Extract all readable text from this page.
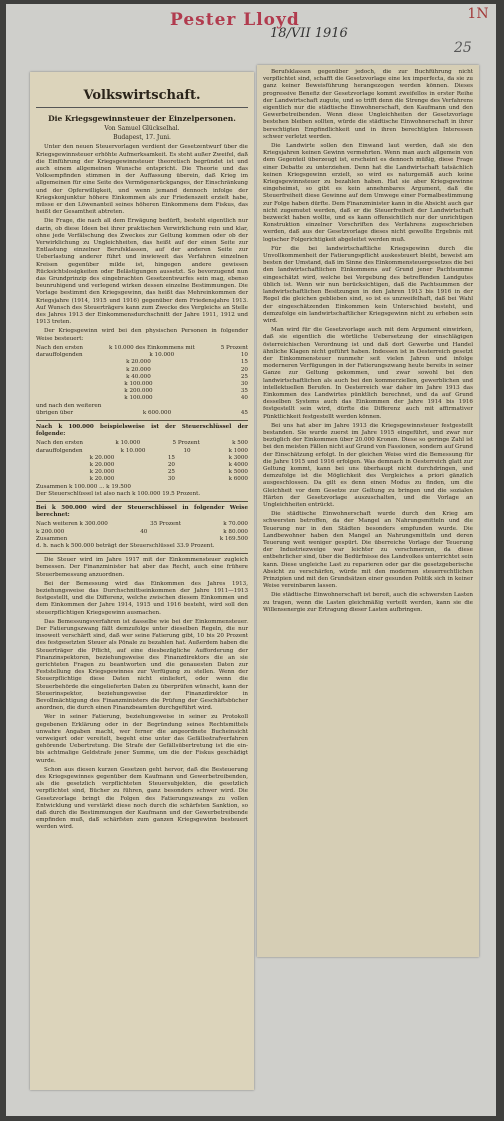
Pester Lloyd
18/VII 1916
25
1N
Volkswirtschaft.
Die Kriegsgewinnsteuer der Einzelpersonen.
Von Samuel Glückselhal.
Budapest, 17. Juni.

Unter den neuen Steuervorlagen verdient der Gesetzentwurf über die Kriegsgewinnsteuer erhöhte Aufmerksamkeit. Es steht außer Zweifel, daß die Einführung der Kriegsgewinnsteuer theoretisch begründet ist und auch einem allgemeinen Wunsche entspricht. Die Theorie und das Volksempfinden stimmen in der Auffassung überein, daß Krieg im allgemeinen für eine Seite des Vermögensrückganges, der Einschränkung und der Opferwilligkeit, und wenn jemand dennoch infolge der Kriegskonjunktur höhere Einkommen als zur Friedenszeit erzielt habe, müsse er den Löwenanteil seines höheren Einkommens dem Fiskus, das heißt der Gesamtheit abtreten.

Die Frage, die nach all dem Erwägung bedürft, besteht eigentlich nur darin, ob diese Ideen bei ihrer praktischen Verwirklichung rein und klar, ohne jede Verfälschung des Zweckes zur Geltung kommen oder ob der Verwirklichung zu Ungleichheiten, das heißt auf der einen Seite zur Entlastung einzelner Berufsklassen, auf der anderen Seite zur Ueberlastung anderer führt und inwieweit das Verfahren einzelnen Kreisen gegenüber milde ist, hingegen andere gewissen Rücksichtslosigkeiten oder Belästigungen aussetzt. So bevorzugend nun das Grundprinzip des eingebrachten Gesetzentwurfes sein mag, ebenso beunruhigend und verlegend wirken dessen einzelne Bestimmungen. Die Vorlage bestimmt den Kriegsgewinn, das heißt das Mehreinkommen der Kriegsjahre (1914, 1915 und 1916) gegenüber dem Friedensjahre 1913. Auf Wunsch des Steuerträgers kann zum Zwecke des Vergleichs an Stelle des Jahres 1913 der Einkommensdurchschnitt der Jahre 1911, 1912 und 1913 treten.

Der Kriegsgewinn wird bei den physischen Personen in folgender Weise besteuert:

Nach den ersten	k 10.000 des Einkommens mit	5 Prozent
darauffolgenden	k 10.000	10
k 20.000	15
k 20.000	20
k 40.000	25
k 100.000	30
k 200.000	35
k 100.000	40
und nach den weiteren
übrigen über	k 600.000	45
Nach k 100.000 beispielsweise ist der Steuerschlüssel der folgende:
Nach den ersten	k 10.000	5 Prozent	k 500
darauffolgenden	k 10.000	10	k 1000
k 20.000	15	k 3000
k 20.000	20	k 4000
k 20.000	25	k 5000
k 20.000	30	k 6000
Zusammen k 100.000 ... k 19.500
Der Steuerschlüssel ist also nach k 100.000 19.5 Prozent.
Bei k 500.000 wird der Steuerschlüssel in folgender Weise berechnet:
Nach weiteren k 300.000	35 Prozent	k 70.000
k 200.000	40	k 80.000
Zusammen	k 169.500
d. h. nach k 500.000 beträgt der Steuerschlüssel 33.9 Prozent.

Die Steuer wird im Jahre 1917 mit der Einkommensteuer zugleich bemessen. Der Finanzminister hat aber das Recht, auch eine frühere Steuerbemessung anzuordnen.

Bei der Bemessung wird das Einkommen des Jahres 1913, beziehungsweise das Durchschnittseinkommen der Jahre 1911—1913 festgestellt, und die Differenz, welche zwischen diesem Einkommen und dem Einkommen der Jahre 1914, 1915 und 1916 besteht, wird soll den steuerpflichtigen Kriegsgewinn ausmachen.

Das Bemessungsverfahren ist dasselbe wie bei der Einkommensteuer. Der Fatierungszwang fällt demzufolge unter dieselben Regeln, die nur insoweit verschärft sind, daß wer seine Fatierung gibt, 10 bis 20 Prozent des festgesetzten Steuer als Pönale zu bezahlen hat. Außerdem haben die Steuerträger die Pflicht, auf eine diesbezügliche Aufforderung der Finanzinspektoren, beziehungsweise des Finanzdirektors die an sie gerichteten Fragen zu beantworten und die genauesten Daten zur Feststellung des Kriegsgewinnes zur Verfügung zu stellen. Wenn der Steuerpflichtige diese Daten nicht einliefert, oder wenn die Steuerbehörde die eingelieferten Daten zu überprüfen wünscht, kann der Steuerinspektor, beziehungsweise der Finanzdirektor in Bevollmächtigung des Finanzministers die Prüfung der Geschäftsbücher anordnen, die durch einen Finanzbeamten durchgeführt wird.

Wer in seiner Fatierung, beziehungsweise in seiner zu Protokoll gegebenen Erklärung oder in der Begründung seines Rechtsmittels unwahre Angaben macht, wer ferner die angeordnete Bucheinsicht verweigert oder vereitelt, begeht eine unter das Gefällsstrafverfahren gehörende Uebertretung. Die Strafe der Gefällsübertretung ist die ein- bis achtmalige Geldstrafe jener Summe, um die der Fiskus geschädigt wurde.

Schon aus diesen kurzen Gesetzen geht hervor, daß die Besteuerung des Kriegsgewinnes gegenüber dem Kaufmann und Gewerbetreibenden, als die gesetzlich verpflichteten Steuersubjekten, die gesetzlich verpflichtet sind, Bücher zu führen, ganz besonders schwer wird. Die Gesetzvorlage bringt die Folgen des Fatierungszwangs zu vollen Entwicklung und verstärkt diese noch durch die schärfsten Sanktion, so daß durch die Bestimmungen der Kaufmann und der Gewerbetreibende empfinden muß, daß schärfsten zum ganzen Kriegsgewinn besteuert werden wird.

Berufsklassen gegenüber jedoch, die zur Buchführung nicht verpflichtet sind, schafft die Gesetzvorlage eine lex imperfecta, da sie zu ganz keiner Beweisführung herangezogen werden können. Dieses progressive Benefiz der Gesetzvorlage kommt zweifellos in erster Reihe der Landwirtschaft zugute, und so trifft denn die Strenge des Verfahrens eigentlich nur die städtische Einwohnerschaft, den Kaufmann und den Gewerbetreibenden. Wenn diese Ungleichheiten der Gesetzvorlage bestehen bleiben sollten, würde die städtische Einwohnerschaft in ihrer berechtigten Empfindlichkeit und in ihren berechtigten Interessen schwer verletzt werden.

Die Landwirte sollen den Einwand laut werden, daß sie den Kriegsjahren keinen Gewinn vermehrten. Wenn man auch allgemein von dem Gegenteil überzeugt ist, erscheint es dennoch müßig, diese Frage einer Debatte zu unterziehen. Denn hat die Landwirtschaft tatsächlich keinen Kriegsgewinn erzielt, so wird es naturgemäß auch keine Kriegsgewinnsteuer zu bezahlen haben. Hat sie aber Kriegsgewinne eingeheimst, so gibt es kein annehmbares Argument, daß die Steuerfreiheit diese Gewinne auf dem Umwege einer Formalbestimmung zur Folge haben dürfte. Dem Finanzminister kann in die Absicht auch gar nicht zugemutet werden, daß er die Steuerfreiheit der Landwirtschaft bezweckt haben wollte, und es kann offensichtlich nur der unrichtigen Konstruktion einzelner Vorschriften des Verfahrens zugeschrieben werden, daß aus der Gesetzvorlage dieses nicht gewollte Ergebnis mit logischer Folgerichtigkeit abgeleitet werden muß.

Für die bei landwirtschaftliche Kriegsgewinn durch die Unvollkommenheit der Fatierungspflicht auskesteuert bleibt, beweist am besten der Umstand, daß im Sinne des Einkommensteuergesetzes die bei den landwirtschaftlichen Einkommens auf Grund jener Pachtsumme eingeschätzt wird, welche bei Vergebung des betreffenden Landgutes üblich ist. Wenn wir nun berücksichtigen, daß die Pachtsummen der landwirtschaftlichen Besitzungen in den Jahren 1913 bis 1916 in der Regel die gleichen geblieben sind, so ist es unzweifelhaft, daß bei Wahl der eingeschätzenden Einkommen kein Unterschied besteht, und demzufolge ein landwirtschaftlicher Kriegsgewinn nicht zu erheben sein wird.

Man wird für die Gesetzvorlage auch mit dem Argument einwirken, daß sie eigentlich die wörtliche Uebersetzung der einschlägigen österreichischen Verordnung ist und daß dort Gewerbe und Handel ähnliche Klagen nicht geführt haben. Indessen ist in Oesterreich gesetzt der Einkommensteuer nunmehr seit vielen Jahren und infolge moderneren Verfügungen in der Fatierungszwang heute bereits in seiner Ganze zur Geltung gekommen, und zwar sowohl bei den landwirtschaftlichen als auch bei den kommerziellen, gewerblichen und intellektuellen Berufen. In Oesterreich war daher im Jahre 1913 das Einkommen des Landwirtes pünktlich berechnet, und da auf Grund desselben Systems auch das Einkommen der Jahre 1914 bis 1916 festgestellt sein wird, dürfte die Differenz auch mit affirmativer Pünktlichkeit festgestellt werden können.

Bei uns hat aber im Jahre 1913 die Kriegsgewinnsteuer festgestellt bestanden. Sie wurde zuerst im Jahre 1915 eingeführt, und zwar nur bezüglich der Einkommen über 20.000 Kronen. Diese so geringe Zahl ist bei den meisten Fällen nicht auf Grund von Fassionen, sondern auf Grund der Einschätzung erfolgt. In der gleichen Weise wird die Bemessung für die Jahre 1915 und 1916 erfolgen. Was demnach in Oesterreich glatt zur Geltung kommt, kann bei uns überhaupt nicht durchdringen, und demzufolge ist die Möglichkeit des Vergleiches a priori gänzlich ausgeschlossen. Da gilt es denn einen Modus zu finden, um die Gleichheit vor dem Gesetze zur Geltung zu bringen und die sozialen Härten der Gesetzvorlage auszuschalten, und die Vorlage an Ungleichheiten entrückt.

Die städtische Einwohnerschaft wurde durch den Krieg am schwersten betroffen, da der Mangel an Nahrungsmitteln und die Teuerung nur in den Städten besonders empfunden wurde. Die Landbewohner haben den Mangel an Nahrungsmitteln und deren Teuerung weit weniger gespürt. Die überreiche Vorlage der Teuerung der Industriezweige war leichter zu verschmerzen, da diese entbehrlicher sind, über die Bedürfnisse des Landvolkes unterrichtet sein kann. Diese ungleiche Last zu reparieren oder gar die gesetzgeberische Absicht zu verschärfen, würde mit den modernen steuerrechtlichen Prinzipien und mit den Grundsätzen einer gesunden Politik sich in keiner Weise vereinbaren lassen.

Die städtische Einwohnerschaft ist bereit, auch die schwersten Lasten zu tragen, wenn die Lasten gleichmäßig verteilt werden, kann sie die Willensenergie zur Ertragung dieser Lasten aufbringen.
